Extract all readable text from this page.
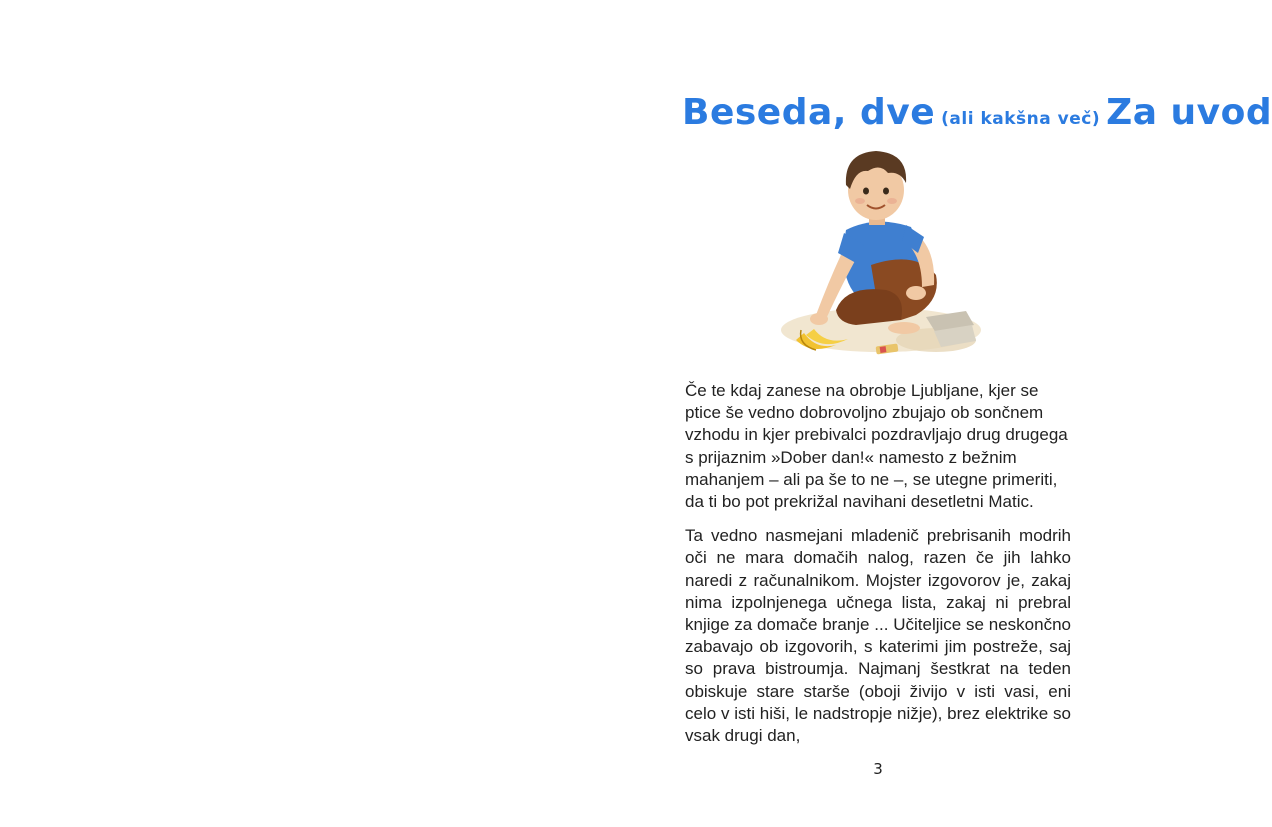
Beseda, dve (ali kakšna več) Za uvod

Če te kdaj zanese na obrobje Ljubljane, kjer se ptice še vedno dobrovoljno zbujajo ob sončnem vzhodu in kjer prebivalci pozdravljajo drug drugega s prijaznim »Dober dan!« namesto z bežnim mahanjem – ali pa še to ne –, se utegne primeriti, da ti bo pot prekrižal navihani desetletni Matic.

Ta vedno nasmejani mladenič prebrisanih modrih oči ne mara domačih nalog, razen če jih lahko naredi z računalnikom. Mojster izgovorov je, zakaj nima izpolnjenega učnega lista, zakaj ni prebral knjige za domače branje ... Učiteljice se neskončno zabavajo ob izgovorih, s katerimi jim postreže, saj so prava bistroumja. Najmanj šestkrat na teden obiskuje stare starše (oboji živijo v isti vasi, eni celo v isti hiši, le nadstropje nižje), brez elektrike so vsak drugi dan,

3
